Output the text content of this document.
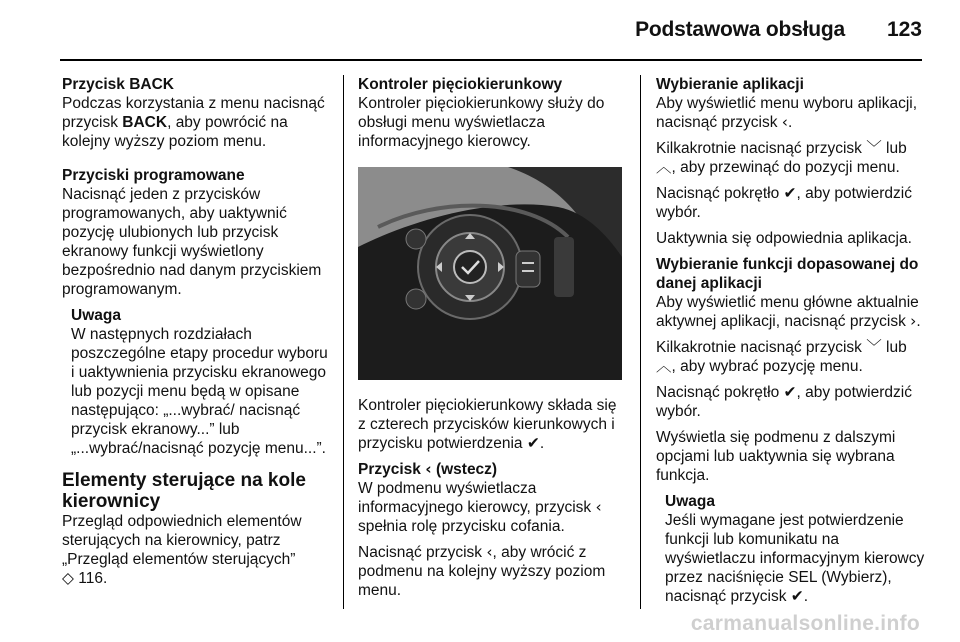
Podstawowa obsługa 123

Przycisk BACK

Podczas korzystania z menu nacisnąć przycisk BACK, aby powrócić na kolejny wyższy poziom menu.

Przyciski programowane

Nacisnąć jeden z przycisków programowanych, aby uaktywnić pozycję ulubionych lub przycisk ekranowy funkcji wyświetlony bezpośrednio nad danym przyciskiem programowanym.

Uwaga

W następnych rozdziałach poszczególne etapy procedur wyboru i uaktywnienia przycisku ekranowego lub pozycji menu będą w opisane następująco: „...wybrać/ nacisnąć przycisk ekranowy...” lub „...wybrać/nacisnąć pozycję menu...”.

Elementy sterujące na kole kierownicy

Przegląd odpowiednich elementów sterujących na kierownicy, patrz „Przegląd elementów sterujących”
◇ 116.

Kontroler pięciokierunkowy

Kontroler pięciokierunkowy służy do obsługi menu wyświetlacza informacyjnego kierowcy.

Kontroler pięciokierunkowy składa się z czterech przycisków kierunkowych i przycisku potwierdzenia ✔.

Przycisk ‹ (wstecz)

W podmenu wyświetlacza informacyjnego kierowcy, przycisk ‹ spełnia rolę przycisku cofania.

Nacisnąć przycisk ‹, aby wrócić z podmenu na kolejny wyższy poziom menu.

Wybieranie aplikacji

Aby wyświetlić menu wyboru aplikacji, nacisnąć przycisk ‹.

Kilkakrotnie nacisnąć przycisk ﹀ lub ︿, aby przewinąć do pozycji menu.

Nacisnąć pokrętło ✔, aby potwierdzić wybór.

Uaktywnia się odpowiednia aplikacja.

Wybieranie funkcji dopasowanej do danej aplikacji

Aby wyświetlić menu główne aktualnie aktywnej aplikacji, nacisnąć przycisk ›.

Kilkakrotnie nacisnąć przycisk ﹀ lub ︿, aby wybrać pozycję menu.

Nacisnąć pokrętło ✔, aby potwierdzić wybór.

Wyświetla się podmenu z dalszymi opcjami lub uaktywnia się wybrana funkcja.

Uwaga

Jeśli wymagane jest potwierdzenie funkcji lub komunikatu na wyświetlaczu informacyjnym kierowcy przez naciśnięcie SEL (Wybierz), nacisnąć przycisk ✔.

carmanualsonline.info
